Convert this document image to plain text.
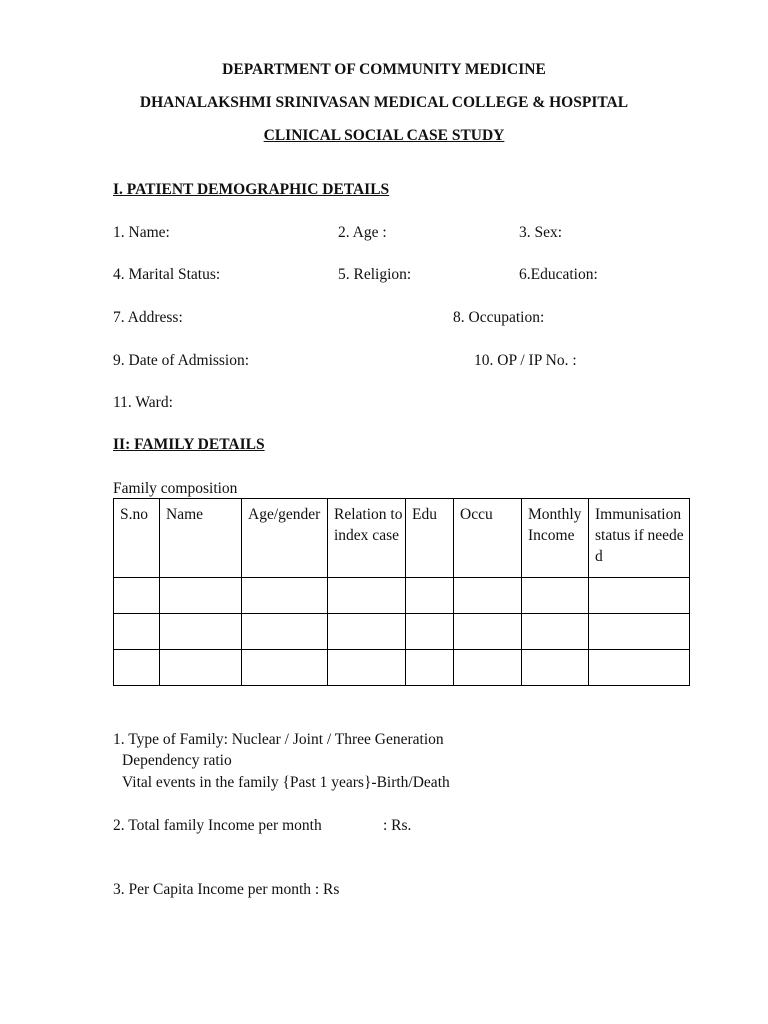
DEPARTMENT OF COMMUNITY MEDICINE
DHANALAKSHMI SRINIVASAN MEDICAL COLLEGE & HOSPITAL
CLINICAL SOCIAL CASE STUDY
I. PATIENT DEMOGRAPHIC DETAILS
1. Name:	2. Age :	3. Sex:
4. Marital Status:	5. Religion:	6.Education:
7. Address:	8. Occupation:
9. Date of Admission:	10. OP / IP No. :
11. Ward:
II: FAMILY DETAILS
Family composition
S.no	Name	Age/gender	Relation to index case	Edu	Occu	Monthly Income	Immunisation status if needed

1. Type of Family: Nuclear / Joint / Three Generation
Dependency ratio
Vital events in the family {Past 1 years}-Birth/Death
2. Total family Income per month	: Rs.
3. Per Capita Income per month : Rs
